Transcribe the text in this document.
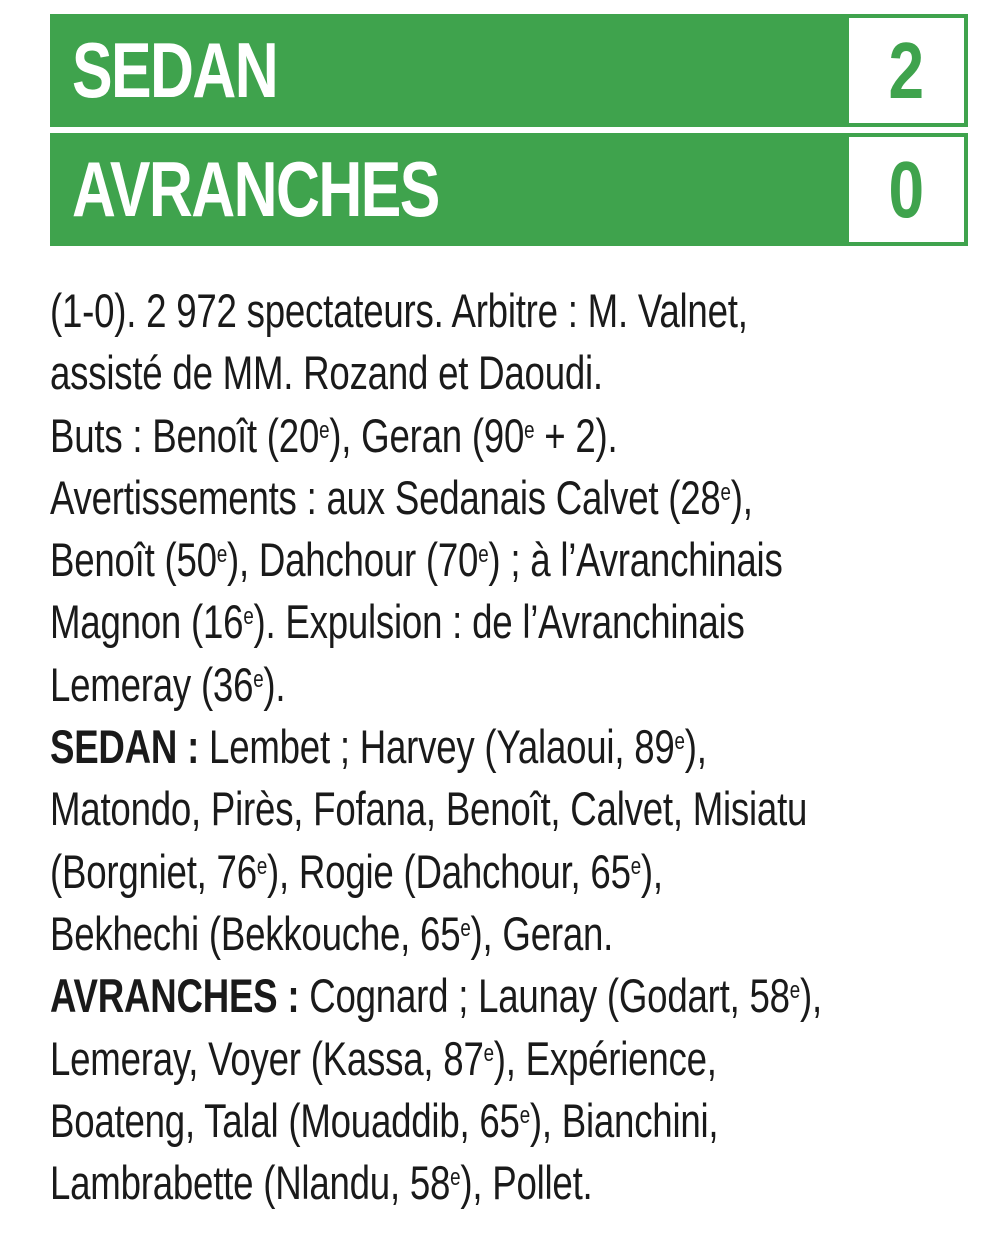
SEDAN	2
AVRANCHES	0
(1-0). 2 972 spectateurs. Arbitre : M. Valnet,
assisté de MM. Rozand et Daoudi.
Buts : Benoît (20e), Geran $(90^e + 2)$.
Avertissements : aux Sedanais Calvet (28e),
Benoît (50e), Dahchour (70e) ; à l’Avranchinais
Magnon (16e). Expulsion : de l’Avranchinais
Lemeray (36e).
SEDAN : Lembet ; Harvey (Yalaoui, 89e),
Matondo, Pirès, Fofana, Benoît, Calvet, Misiatu
(Borgniet, 76e), Rogie (Dahchour, 65e),
Bekhechi (Bekkouche, 65e), Geran.
AVRANCHES : Cognard ; Launay (Godart, 58e),
Lemeray, Voyer (Kassa, 87e), Expérience,
Boateng, Talal (Mouaddib, 65e), Bianchini,
Lambrabette (Nlandu, 58e), Pollet.
